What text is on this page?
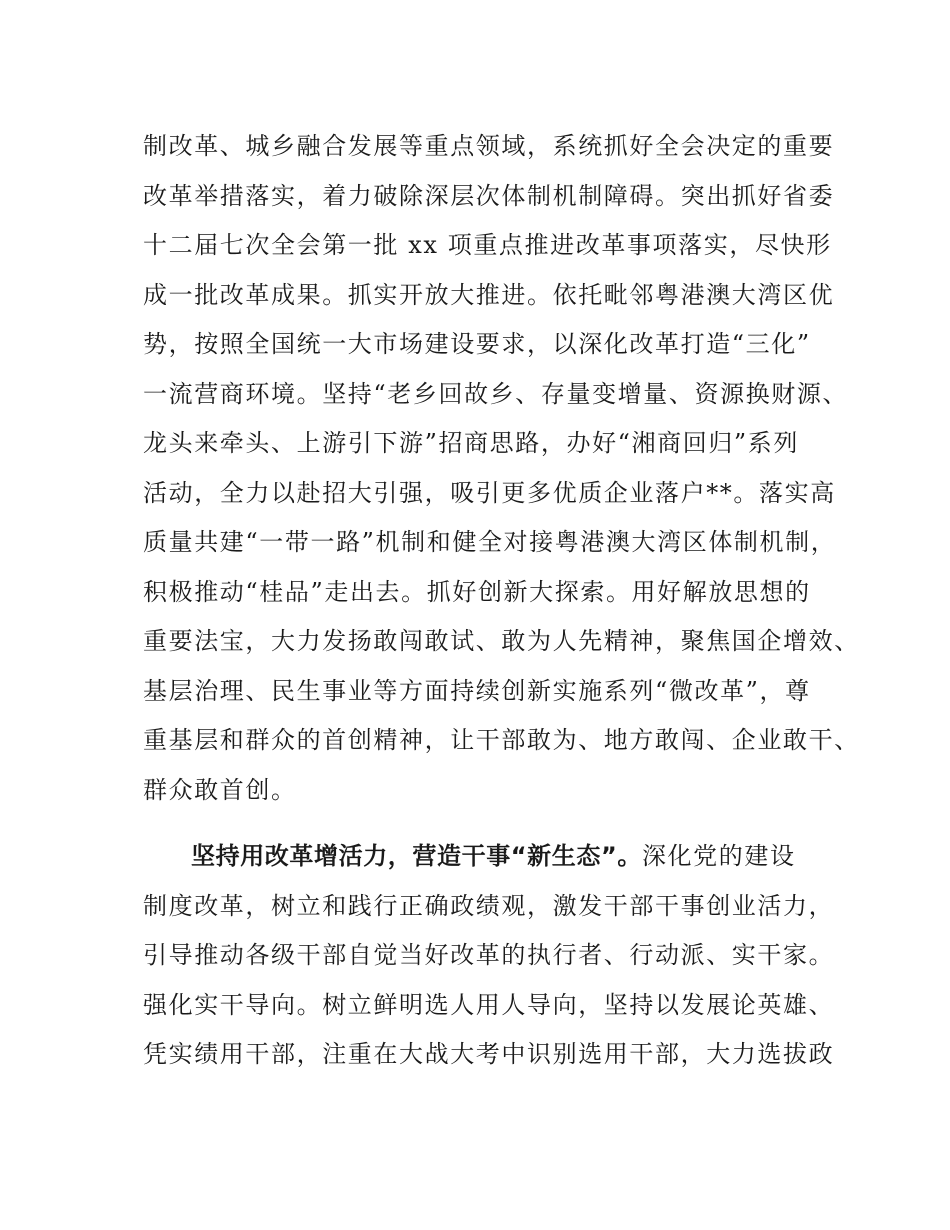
制改革、城乡融合发展等重点领域，系统抓好全会决定的重要
改革举措落实，着力破除深层次体制机制障碍。突出抓好省委
十二届七次全会第一批 xx 项重点推进改革事项落实，尽快形
成一批改革成果。抓实开放大推进。依托毗邻粤港澳大湾区优
势，按照全国统一大市场建设要求，以深化改革打造“三化”
一流营商环境。坚持“老乡回故乡、存量变增量、资源换财源、
龙头来牵头、上游引下游”招商思路，办好“湘商回归”系列
活动，全力以赴招大引强，吸引更多优质企业落户**。落实高
质量共建“一带一路”机制和健全对接粤港澳大湾区体制机制，
积极推动“桂品”走出去。抓好创新大探索。用好解放思想的
重要法宝，大力发扬敢闯敢试、敢为人先精神，聚焦国企增效、
基层治理、民生事业等方面持续创新实施系列“微改革”，尊
重基层和群众的首创精神，让干部敢为、地方敢闯、企业敢干、
群众敢首创。
坚持用改革增活力，营造干事“新生态”。深化党的建设
制度改革，树立和践行正确政绩观，激发干部干事创业活力，
引导推动各级干部自觉当好改革的执行者、行动派、实干家。
强化实干导向。树立鲜明选人用人导向，坚持以发展论英雄、
凭实绩用干部，注重在大战大考中识别选用干部，大力选拔政
